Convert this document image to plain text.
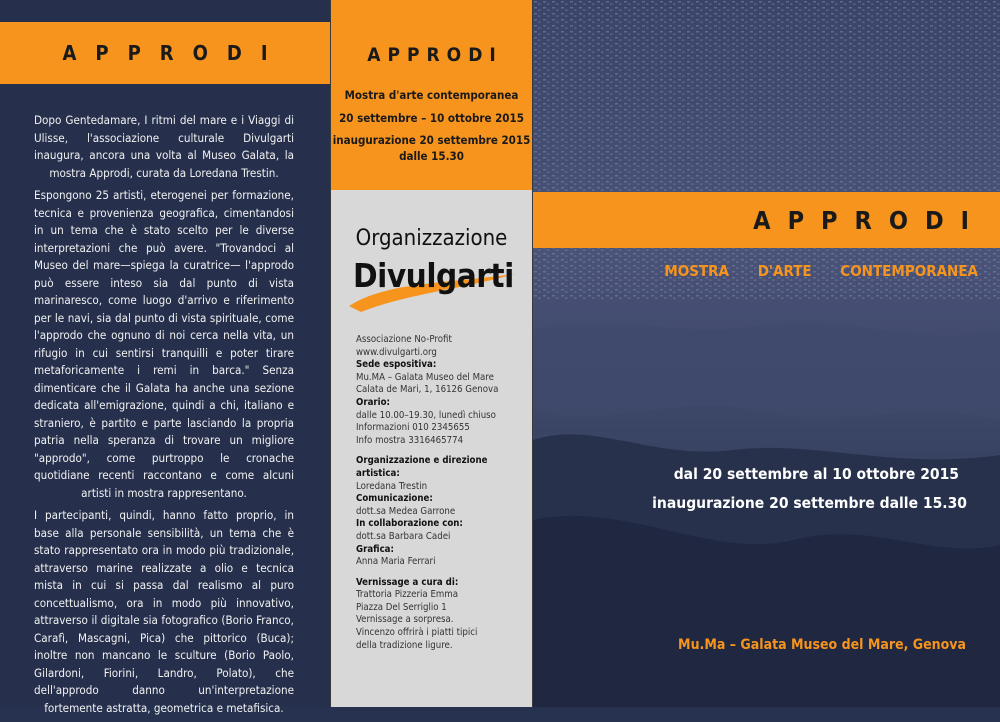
APPRODI

Dopo Gentedamare, I ritmi del mare e i Viaggi di Ulisse, l'associazione culturale Divulgarti inaugura, ancora una volta al Museo Galata, la mostra Approdi, curata da Loredana Trestin.

Espongono 25 artisti, eterogenei per formazione, tecnica e provenienza geografica, cimentandosi in un tema che è stato scelto per le diverse interpretazioni che può avere. "Trovandoci al Museo del mare—spiega la curatrice— l'approdo può essere inteso sia dal punto di vista marinaresco, come luogo d'arrivo e riferimento per le navi, sia dal punto di vista spirituale, come l'approdo che ognuno di noi cerca nella vita, un rifugio in cui sentirsi tranquilli e poter tirare metaforicamente i remi in barca." Senza dimenticare che il Galata ha anche una sezione dedicata all'emigrazione, quindi a chi, italiano e straniero, è partito e parte lasciando la propria patria nella speranza di trovare un migliore "approdo", come purtroppo le cronache quotidiane recenti raccontano e come alcuni artisti in mostra rappresentano.

I partecipanti, quindi, hanno fatto proprio, in base alla personale sensibilità, un tema che è stato rappresentato ora in modo più tradizionale, attraverso marine realizzate a olio e tecnica mista in cui si passa dal realismo al puro concettualismo, ora in modo più innovativo, attraverso il digitale sia fotografico (Borio Franco, Carafì, Mascagni, Pica) che pittorico (Buca); inoltre non mancano le sculture (Borio Paolo, Gilardoni, Fiorini, Landro, Polato), che dell'approdo danno un'interpretazione fortemente astratta, geometrica e metafisica.

APPRODI
Mostra d'arte contemporanea
20 settembre – 10 ottobre 2015
inaugurazione 20 settembre 2015
dalle 15.30
Organizzazione
Divulgarti
Associazione No-Profit
www.divulgarti.org
Sede espositiva:
Mu.MA – Galata Museo del Mare
Calata de Mari, 1, 16126 Genova
Orario:
dalle 10.00–19.30, lunedì chiuso
Informazioni 010 2345655
Info mostra 3316465774
Organizzazione e direzione artistica:
Loredana Trestin
Comunicazione:
dott.sa Medea Garrone
In collaborazione con:
dott.sa Barbara Cadei
Grafica:
Anna Maria Ferrari
Vernissage a cura di:
Trattoria Pizzeria Emma
Piazza Del Serriglio 1
Vernissage a sorpresa.
Vincenzo offrirà i piatti tipici
della tradizione ligure.
APPRODI
MOSTRA D'ARTE CONTEMPORANEA
dal 20 settembre al 10 ottobre 2015
inaugurazione 20 settembre dalle 15.30
Mu.Ma – Galata Museo del Mare, Genova
